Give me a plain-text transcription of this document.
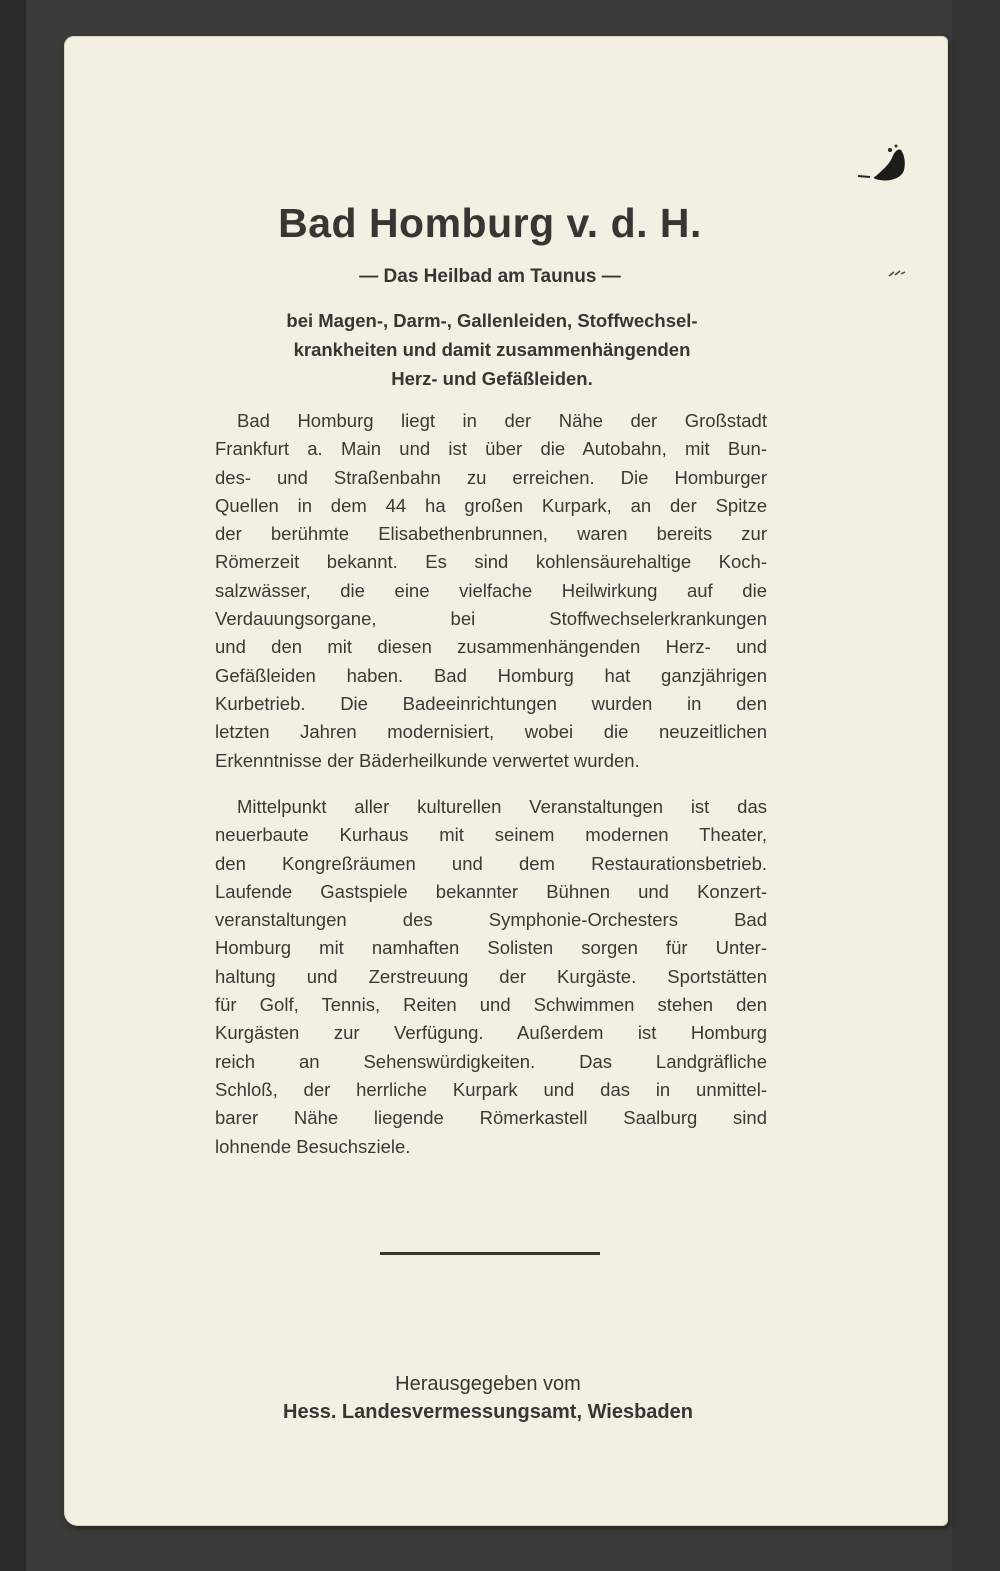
Bad Homburg v. d. H.
— Das Heilbad am Taunus —
bei Magen-, Darm-, Gallenleiden, Stoffwechsel-
krankheiten und damit zusammenhängenden
Herz- und Gefäßleiden.
Bad Homburg liegt in der Nähe der Großstadt
Frankfurt a. Main und ist über die Autobahn, mit Bun-
des- und Straßenbahn zu erreichen. Die Homburger
Quellen in dem 44 ha großen Kurpark, an der Spitze
der berühmte Elisabethenbrunnen, waren bereits zur
Römerzeit bekannt. Es sind kohlensäurehaltige Koch-
salzwässer, die eine vielfache Heilwirkung auf die
Verdauungsorgane, bei Stoffwechselerkrankungen
und den mit diesen zusammenhängenden Herz- und
Gefäßleiden haben. Bad Homburg hat ganzjährigen
Kurbetrieb. Die Badeeinrichtungen wurden in den
letzten Jahren modernisiert, wobei die neuzeitlichen
Erkenntnisse der Bäderheilkunde verwertet wurden.
Mittelpunkt aller kulturellen Veranstaltungen ist das
neuerbaute Kurhaus mit seinem modernen Theater,
den Kongreßräumen und dem Restaurationsbetrieb.
Laufende Gastspiele bekannter Bühnen und Konzert-
veranstaltungen des Symphonie-Orchesters Bad
Homburg mit namhaften Solisten sorgen für Unter-
haltung und Zerstreuung der Kurgäste. Sportstätten
für Golf, Tennis, Reiten und Schwimmen stehen den
Kurgästen zur Verfügung. Außerdem ist Homburg
reich an Sehenswürdigkeiten. Das Landgräfliche
Schloß, der herrliche Kurpark und das in unmittel-
barer Nähe liegende Römerkastell Saalburg sind
lohnende Besuchsziele.
Herausgegeben vom
Hess. Landesvermessungsamt, Wiesbaden
